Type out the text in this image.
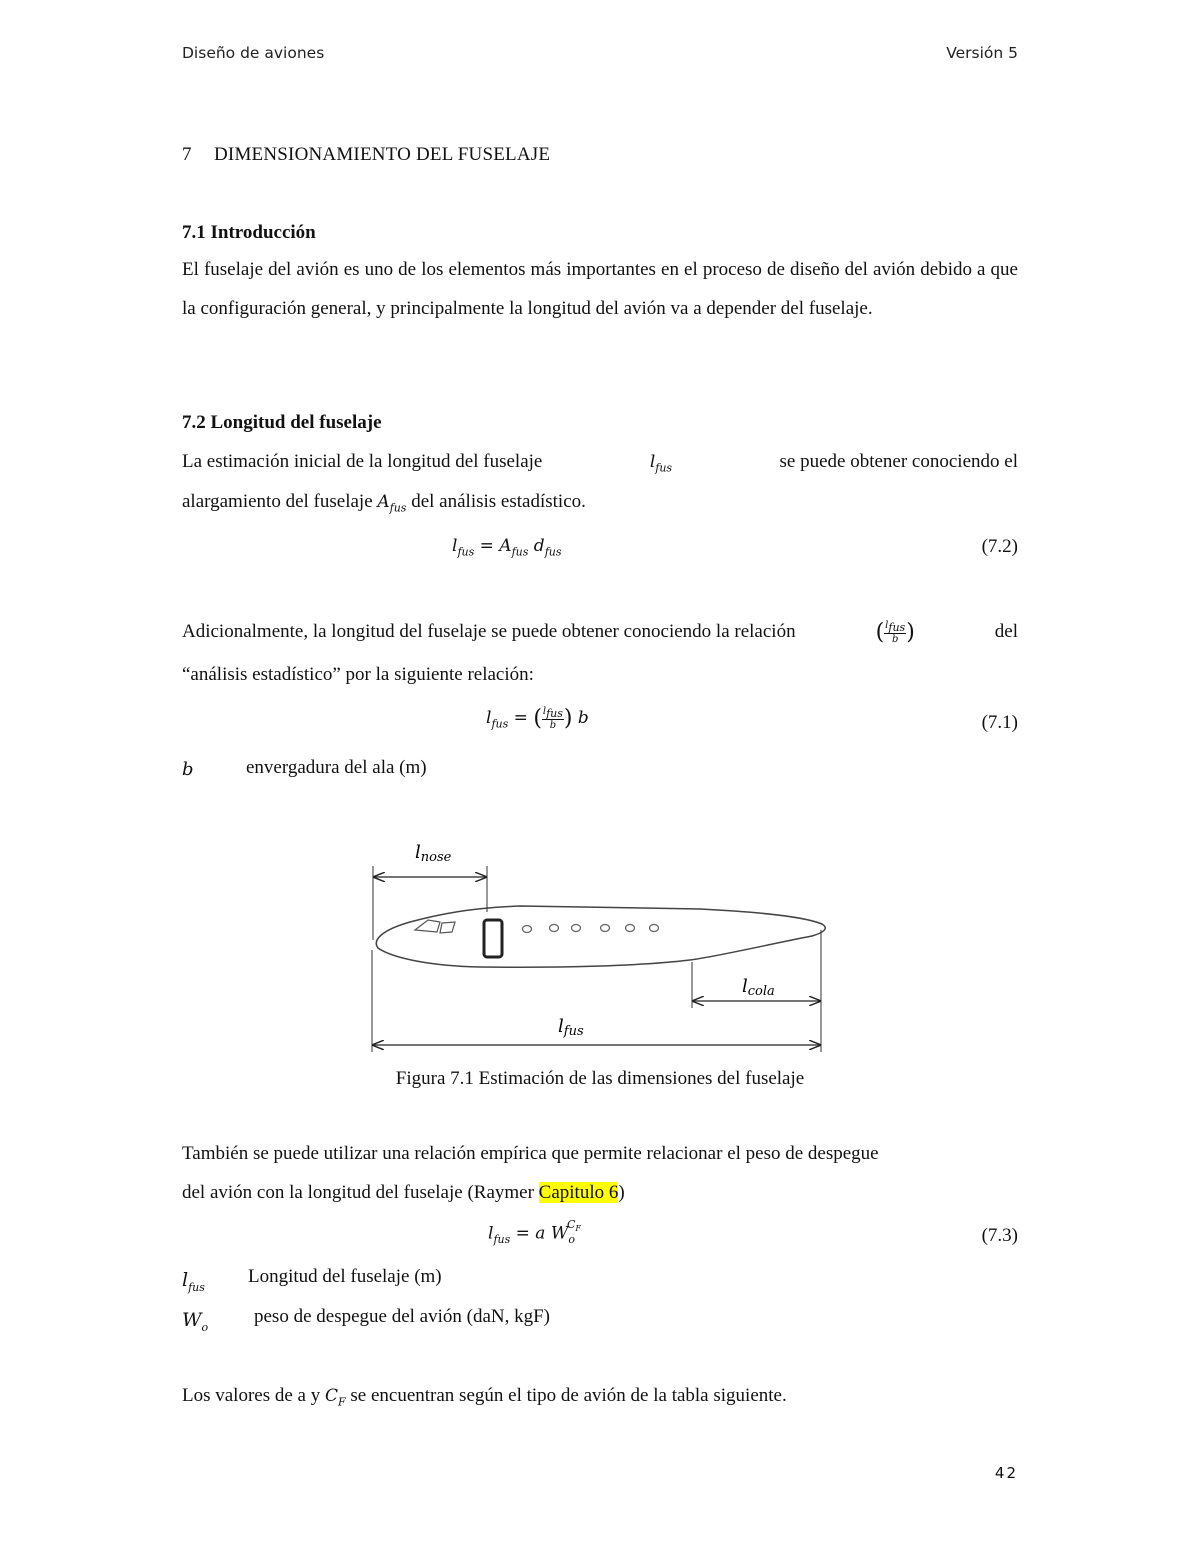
Diseño de aviones	Versión 5
7 DIMENSIONAMIENTO DEL FUSELAJE
7.1 Introducción
El fuselaje del avión es uno de los elementos más importantes en el proceso de diseño del avión debido a que la configuración general, y principalmente la longitud del avión va a depender del fuselaje.
7.2 Longitud del fuselaje
La estimación inicial de la longitud del fuselaje	$l_{fus}$	se puede obtener conociendo el
alargamiento del fuselaje $A_{fus}$ del análisis estadístico.
$l_{fus} = A_{fus}$ $d_{fus}$	(7.2)
Adicionalmente, la longitud del fuselaje se puede obtener conociendo la relación	( $\frac{l_{fus}}{b}$ )	del
“análisis estadístico” por la siguiente relación:
$l_{fus}$ = ( $\frac{l_{fus}}{b}$ ) b	(7.1)
b	envergadura del ala (m)
lnose
lcola
lfus
Figura 7.1 Estimación de las dimensiones del fuselaje
También se puede utilizar una relación empírica que permite relacionar el peso de despegue
del avión con la longitud del fuselaje (Raymer Capitulo 6)
$l_{fus} = a$ $W_o^{C_F}$	(7.3)
$l_{fus}$
Longitud del fuselaje (m)
$W_o$
peso de despegue del avión (daN, kgF)
Los valores de a y $C_F$ se encuentran según el tipo de avión de la tabla siguiente.
42
